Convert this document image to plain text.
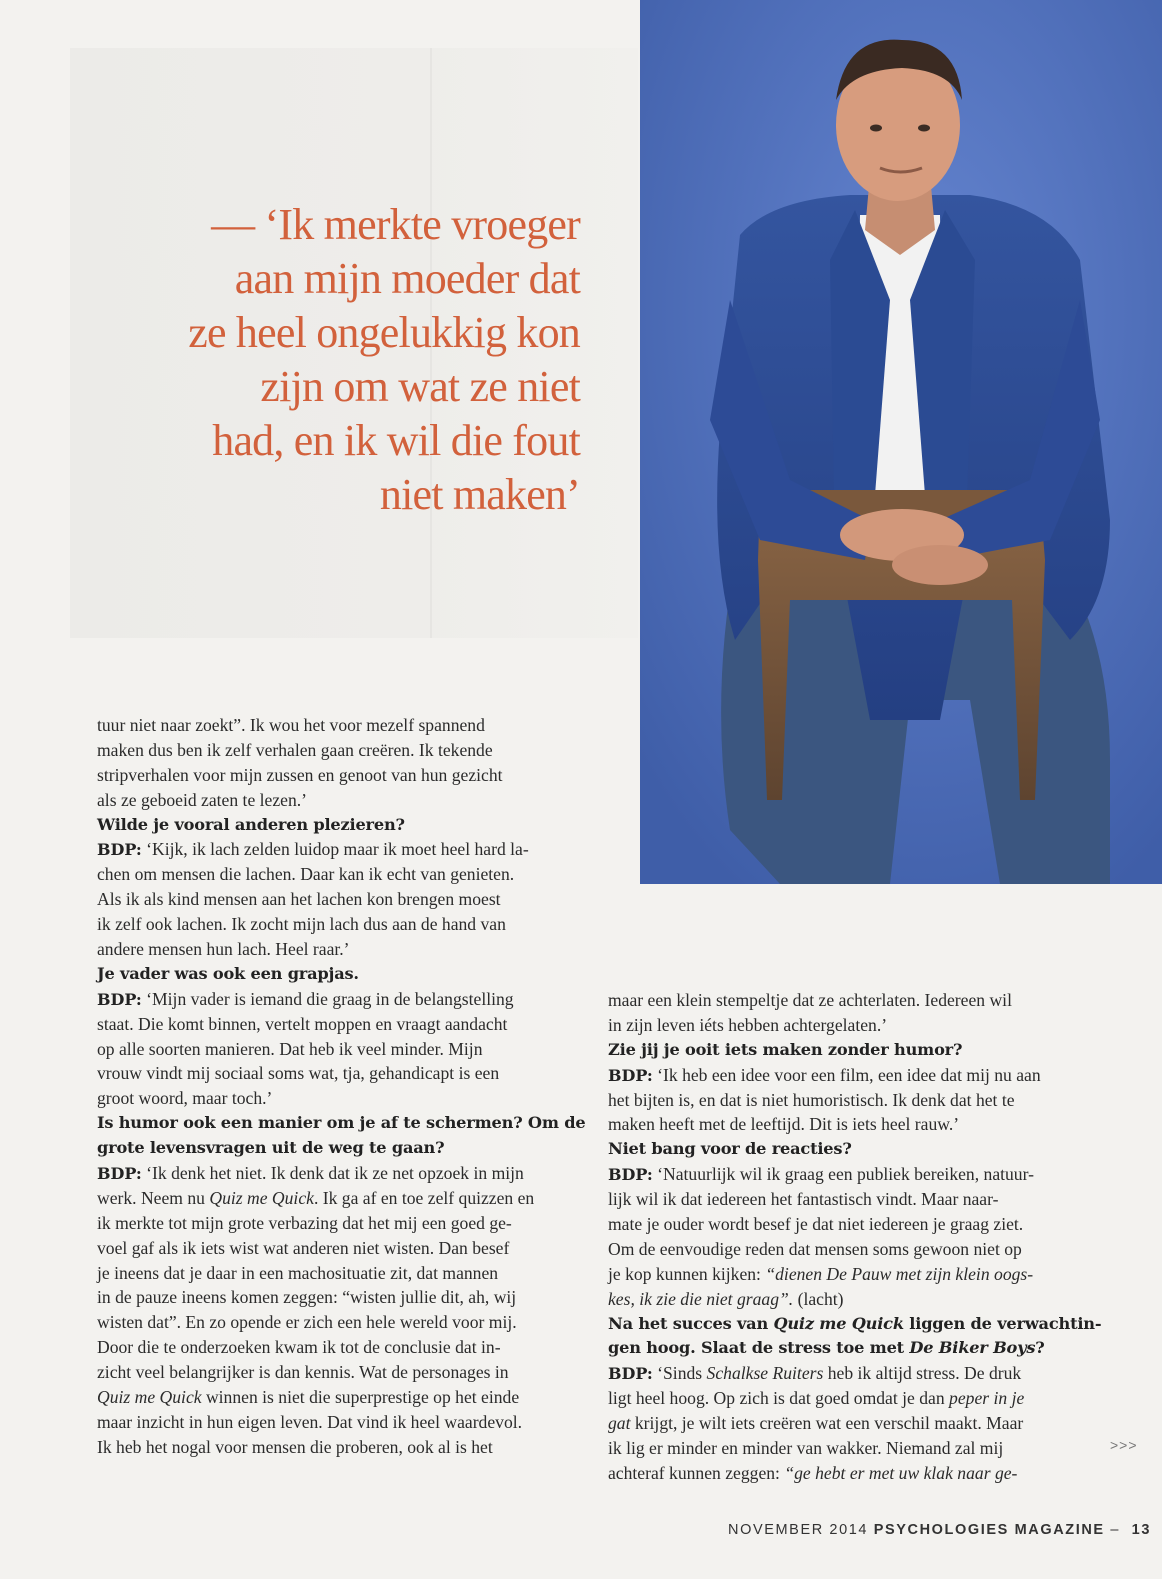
— ‘Ik merkte vroeger
aan mijn moeder dat
ze heel ongelukkig kon
zijn om wat ze niet
had, en ik wil die fout
niet maken’
tuur niet naar zoekt”. Ik wou het voor mezelf spannend
maken dus ben ik zelf verhalen gaan creëren. Ik tekende
stripverhalen voor mijn zussen en genoot van hun gezicht
als ze geboeid zaten te lezen.’
Wilde je vooral anderen plezieren?
BDP: ‘Kijk, ik lach zelden luidop maar ik moet heel hard la-
chen om mensen die lachen. Daar kan ik echt van genieten.
Als ik als kind mensen aan het lachen kon brengen moest
ik zelf ook lachen. Ik zocht mijn lach dus aan de hand van
andere mensen hun lach. Heel raar.’
Je vader was ook een grapjas.
BDP: ‘Mijn vader is iemand die graag in de belangstelling
staat. Die komt binnen, vertelt moppen en vraagt aandacht
op alle soorten manieren. Dat heb ik veel minder. Mijn
vrouw vindt mij sociaal soms wat, tja, gehandicapt is een
groot woord, maar toch.’
Is humor ook een manier om je af te schermen? Om de
grote levensvragen uit de weg te gaan?
BDP: ‘Ik denk het niet. Ik denk dat ik ze net opzoek in mijn
werk. Neem nu Quiz me Quick. Ik ga af en toe zelf quizzen en
ik merkte tot mijn grote verbazing dat het mij een goed ge-
voel gaf als ik iets wist wat anderen niet wisten. Dan besef
je ineens dat je daar in een machosituatie zit, dat mannen
in de pauze ineens komen zeggen: “wisten jullie dit, ah, wij
wisten dat”. En zo opende er zich een hele wereld voor mij.
Door die te onderzoeken kwam ik tot de conclusie dat in-
zicht veel belangrijker is dan kennis. Wat de personages in
Quiz me Quick winnen is niet die superprestige op het einde
maar inzicht in hun eigen leven. Dat vind ik heel waardevol.
Ik heb het nogal voor mensen die proberen, ook al is het
maar een klein stempeltje dat ze achterlaten. Iedereen wil
in zijn leven iéts hebben achtergelaten.’
Zie jij je ooit iets maken zonder humor?
BDP: ‘Ik heb een idee voor een film, een idee dat mij nu aan
het bijten is, en dat is niet humoristisch. Ik denk dat het te
maken heeft met de leeftijd. Dit is iets heel rauw.’
Niet bang voor de reacties?
BDP: ‘Natuurlijk wil ik graag een publiek bereiken, natuur-
lijk wil ik dat iedereen het fantastisch vindt. Maar naar-
mate je ouder wordt besef je dat niet iedereen je graag ziet.
Om de eenvoudige reden dat mensen soms gewoon niet op
je kop kunnen kijken: “dienen De Pauw met zijn klein oogs-
kes, ik zie die niet graag”. (lacht)
Na het succes van Quiz me Quick liggen de verwachtin-
gen hoog. Slaat de stress toe met De Biker Boys?
BDP: ‘Sinds Schalkse Ruiters heb ik altijd stress. De druk
ligt heel hoog. Op zich is dat goed omdat je dan peper in je
gat krijgt, je wilt iets creëren wat een verschil maakt. Maar
ik lig er minder en minder van wakker. Niemand zal mij
achteraf kunnen zeggen: “ge hebt er met uw klak naar ge-
>>>
NOVEMBER 2014 PSYCHOLOGIES MAGAZINE – 13
